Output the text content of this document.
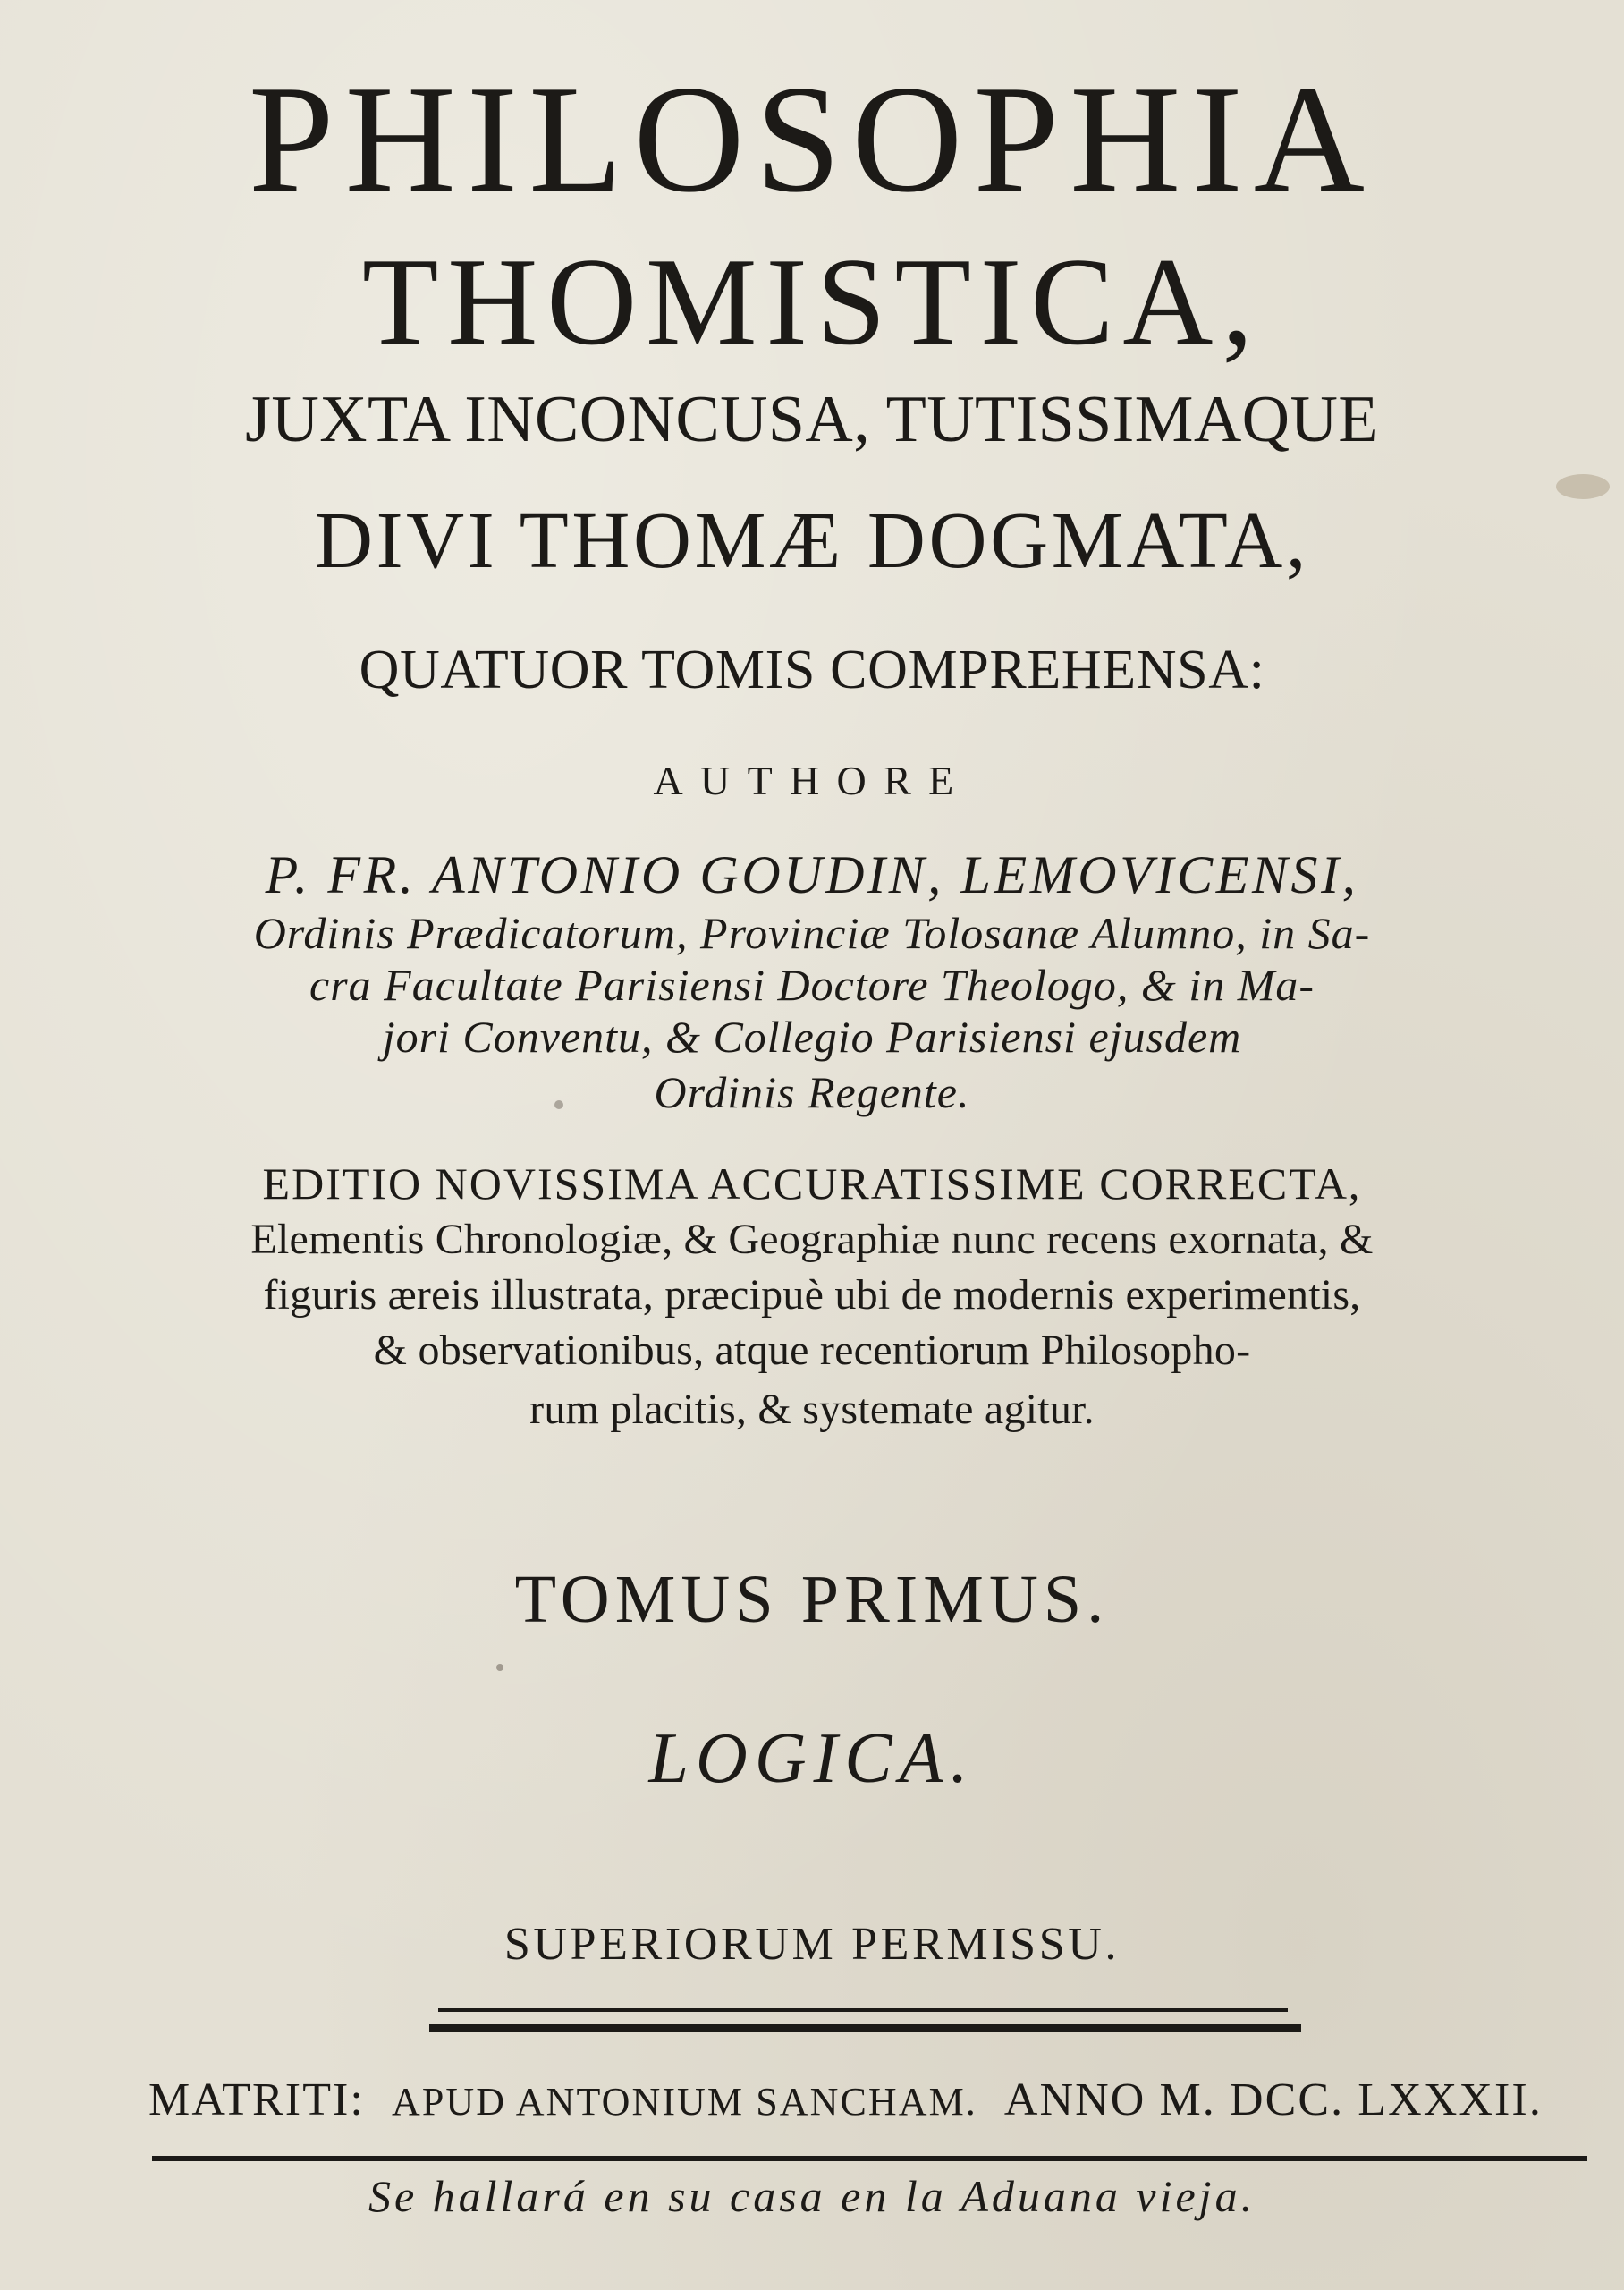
PHILOSOPHIA
THOMISTICA,
JUXTA INCONCUSA, TUTISSIMAQUE
DIVI THOMÆ DOGMATA,
QUATUOR TOMIS COMPREHENSA:
AUTHORE
P. FR. ANTONIO GOUDIN, LEMOVICENSI,
Ordinis Prædicatorum, Provinciæ Tolosanæ Alumno, in Sa-
cra Facultate Parisiensi Doctore Theologo, & in Ma-
jori Conventu, & Collegio Parisiensi ejusdem
Ordinis Regente.
EDITIO NOVISSIMA ACCURATISSIME CORRECTA,
Elementis Chronologiæ, & Geographiæ nunc recens exornata, &
figuris æreis illustrata, præcipuè ubi de modernis experimentis,
& observationibus, atque recentiorum Philosopho-
rum placitis, & systemate agitur.
TOMUS PRIMUS.
LOGICA.
SUPERIORUM PERMISSU.
MATRITI: APUD ANTONIUM SANCHAM. ANNO M. DCC. LXXXII.
Se hallará en su casa en la Aduana vieja.
